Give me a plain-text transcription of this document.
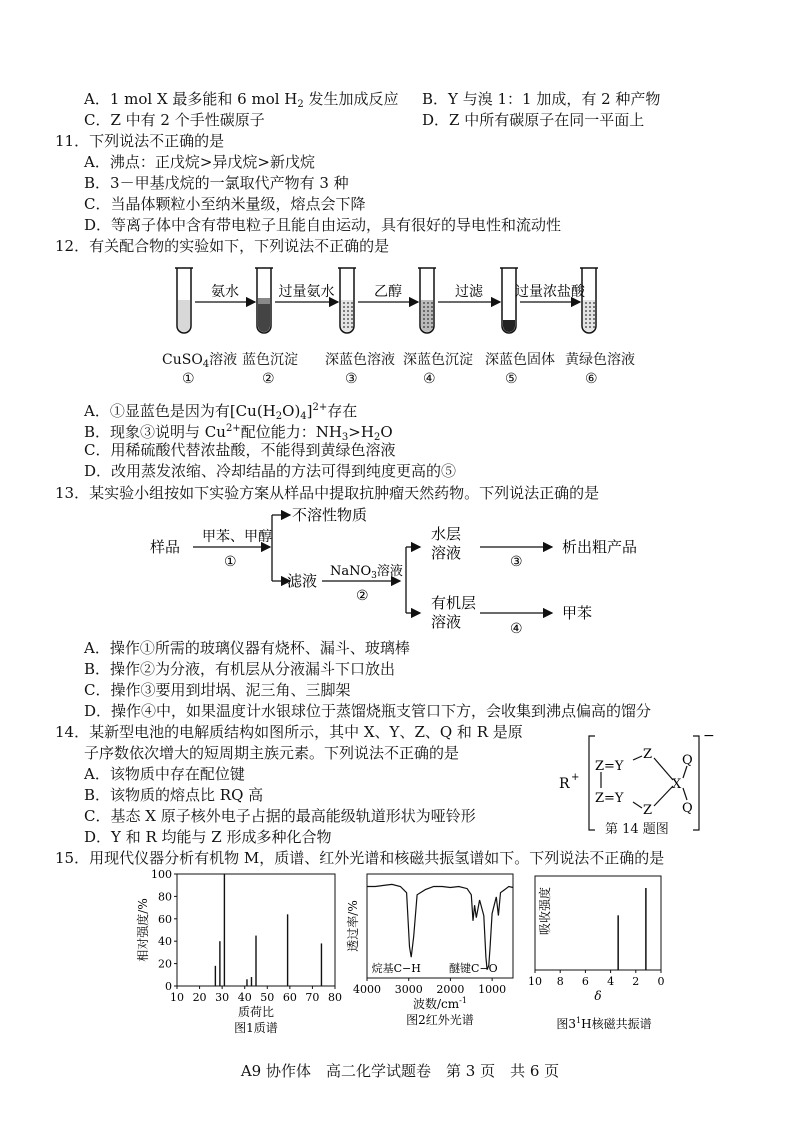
A．1 mol X 最多能和 6 mol $H_2$ 发生加成反应 B．Y 与溴 1：1 加成，有 2 种产物
C．Z 中有 2 个手性碳原子	D．Z 中所有碳原子在同一平面上
11．下列说法不正确的是
A．沸点：正戊烷>异戊烷>新戊烷
B．3－甲基戊烷的一氯取代产物有 3 种
C．当晶体颗粒小至纳米量级，熔点会下降
D．等离子体中含有带电粒子且能自由运动，具有很好的导电性和流动性
12．有关配合物的实验如下，下列说法不正确的是
氨水	过量氨水	乙醇	过滤 过量浓盐酸
CuSO$_4$溶液
①
蓝色沉淀
②
深蓝色溶液
③
深蓝色沉淀
④
深蓝色固体
⑤
黄绿色溶液
⑥
A．①显蓝色是因为有$[Cu(H_2O)_4]^{2+}$存在
B．现象③说明与 $Cu^{2+}$配位能力：$NH_3>H_2O$
C．用稀硫酸代替浓盐酸，不能得到黄绿色溶液
D．改用蒸发浓缩、冷却结晶的方法可得到纯度更高的⑤
13．某实验小组按如下实验方案从样品中提取抗肿瘤天然药物。下列说法正确的是
样品
甲苯、甲醇
①
不溶性物质
滤液
NaNO$_3$溶液
②
水层
溶液	③
析出粗产品
有机层
溶液	④
甲苯
A．操作①所需的玻璃仪器有烧杯、漏斗、玻璃棒
B．操作②为分液，有机层从分液漏斗下口放出
C．操作③要用到坩埚、泥三角、三脚架
D．操作④中，如果温度计水银球位于蒸馏烧瓶支管口下方，会收集到沸点偏高的馏分
14．某新型电池的电解质结构如图所示，其中 X、Y、Z、Q 和 R 是原
子序数依次增大的短周期主族元素。下列说法不正确的是
A．该物质中存在配位键
B．该物质的熔点比 RQ 高
C．基态 X 原子核外电子占据的最高能级轨道形状为哑铃形
D．Y 和 R 均能与 Z 形成多种化合物
R +
−
Z=Y
Z=Y
Z
Z
X
Q
Q
第 14 题图
15．用现代仪器分析有机物 M，质谱、红外光谱和核磁共振氢谱如下。下列说法不正确的是
10 20 30 40 50 60 70 80
0
20
40
60
80
100
相对强度/%
质荷比
图1质谱
4000 3000 2000 1000
烷基C−H	醚键C−O
透过率/%
波数$/cm^{-1}$
图2红外光谱
10 8 6 4 2 0
吸收强度
δ
图$3^1H$核磁共振谱
A9 协作体　高二化学试题卷　第 3 页　共 6 页
